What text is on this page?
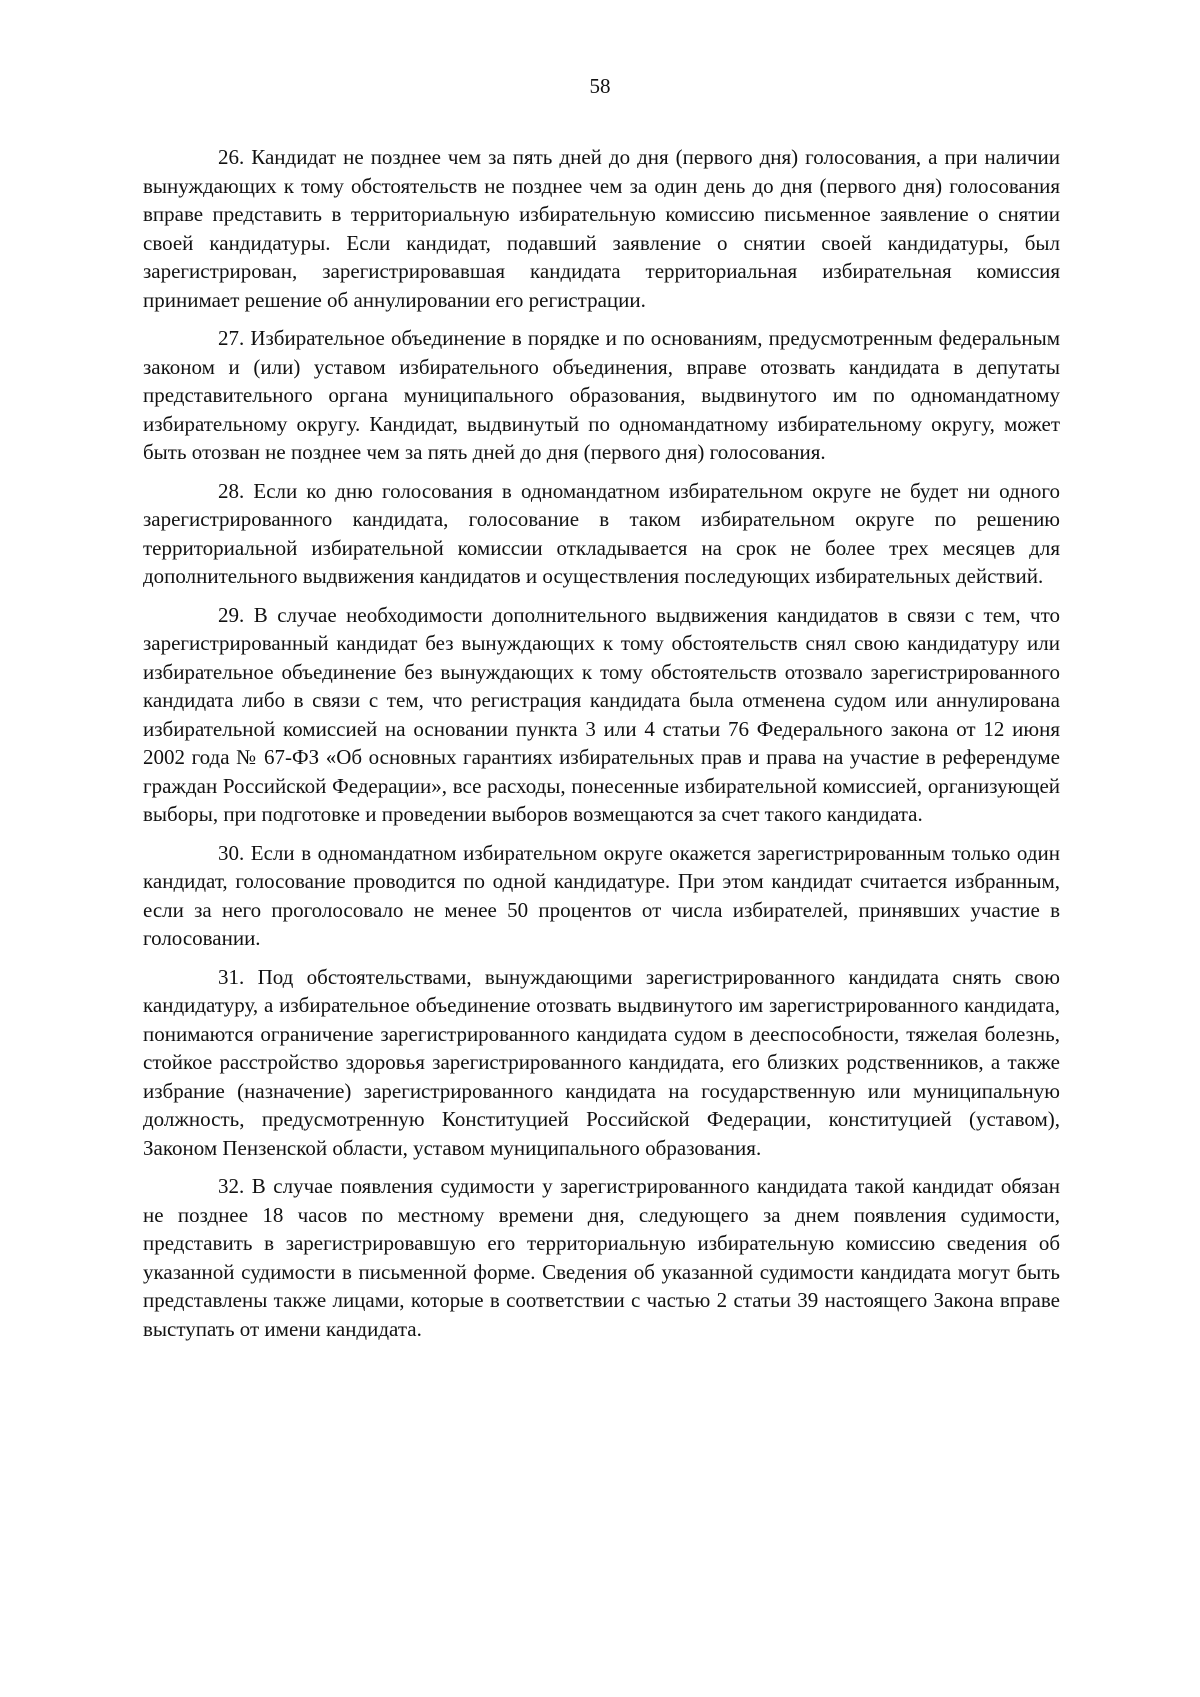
58

26. Кандидат не позднее чем за пять дней до дня (первого дня) голосования, а при наличии вынуждающих к тому обстоятельств не позднее чем за один день до дня (первого дня) голосования вправе представить в территориальную избирательную комиссию письменное заявление о снятии своей кандидатуры. Если кандидат, подавший заявление о снятии своей кандидатуры, был зарегистрирован, зарегистрировавшая кандидата территориальная избирательная комиссия принимает решение об аннулировании его регистрации.

27. Избирательное объединение в порядке и по основаниям, предусмотренным федеральным законом и (или) уставом избирательного объединения, вправе отозвать кандидата в депутаты представительного органа муниципального образования, выдвинутого им по одномандатному избирательному округу. Кандидат, выдвинутый по одномандатному избирательному округу, может быть отозван не позднее чем за пять дней до дня (первого дня) голосования.

28. Если ко дню голосования в одномандатном избирательном округе не будет ни одного зарегистрированного кандидата, голосование в таком избирательном округе по решению территориальной избирательной комиссии откладывается на срок не более трех месяцев для дополнительного выдвижения кандидатов и осуществления последующих избирательных действий.

29. В случае необходимости дополнительного выдвижения кандидатов в связи с тем, что зарегистрированный кандидат без вынуждающих к тому обстоятельств снял свою кандидатуру или избирательное объединение без вынуждающих к тому обстоятельств отозвало зарегистрированного кандидата либо в связи с тем, что регистрация кандидата была отменена судом или аннулирована избирательной комиссией на основании пункта 3 или 4 статьи 76 Федерального закона от 12 июня 2002 года № 67-ФЗ «Об основных гарантиях избирательных прав и права на участие в референдуме граждан Российской Федерации», все расходы, понесенные избирательной комиссией, организующей выборы, при подготовке и проведении выборов возмещаются за счет такого кандидата.

30. Если в одномандатном избирательном округе окажется зарегистрированным только один кандидат, голосование проводится по одной кандидатуре. При этом кандидат считается избранным, если за него проголосовало не менее 50 процентов от числа избирателей, принявших участие в голосовании.

31. Под обстоятельствами, вынуждающими зарегистрированного кандидата снять свою кандидатуру, а избирательное объединение отозвать выдвинутого им зарегистрированного кандидата, понимаются ограничение зарегистрированного кандидата судом в дееспособности, тяжелая болезнь, стойкое расстройство здоровья зарегистрированного кандидата, его близких родственников, а также избрание (назначение) зарегистрированного кандидата на государственную или муниципальную должность, предусмотренную Конституцией Российской Федерации, конституцией (уставом), Законом Пензенской области, уставом муниципального образования.

32. В случае появления судимости у зарегистрированного кандидата такой кандидат обязан не позднее 18 часов по местному времени дня, следующего за днем появления судимости, представить в зарегистрировавшую его территориальную избирательную комиссию сведения об указанной судимости в письменной форме. Сведения об указанной судимости кандидата могут быть представлены также лицами, которые в соответствии с частью 2 статьи 39 настоящего Закона вправе выступать от имени кандидата.
